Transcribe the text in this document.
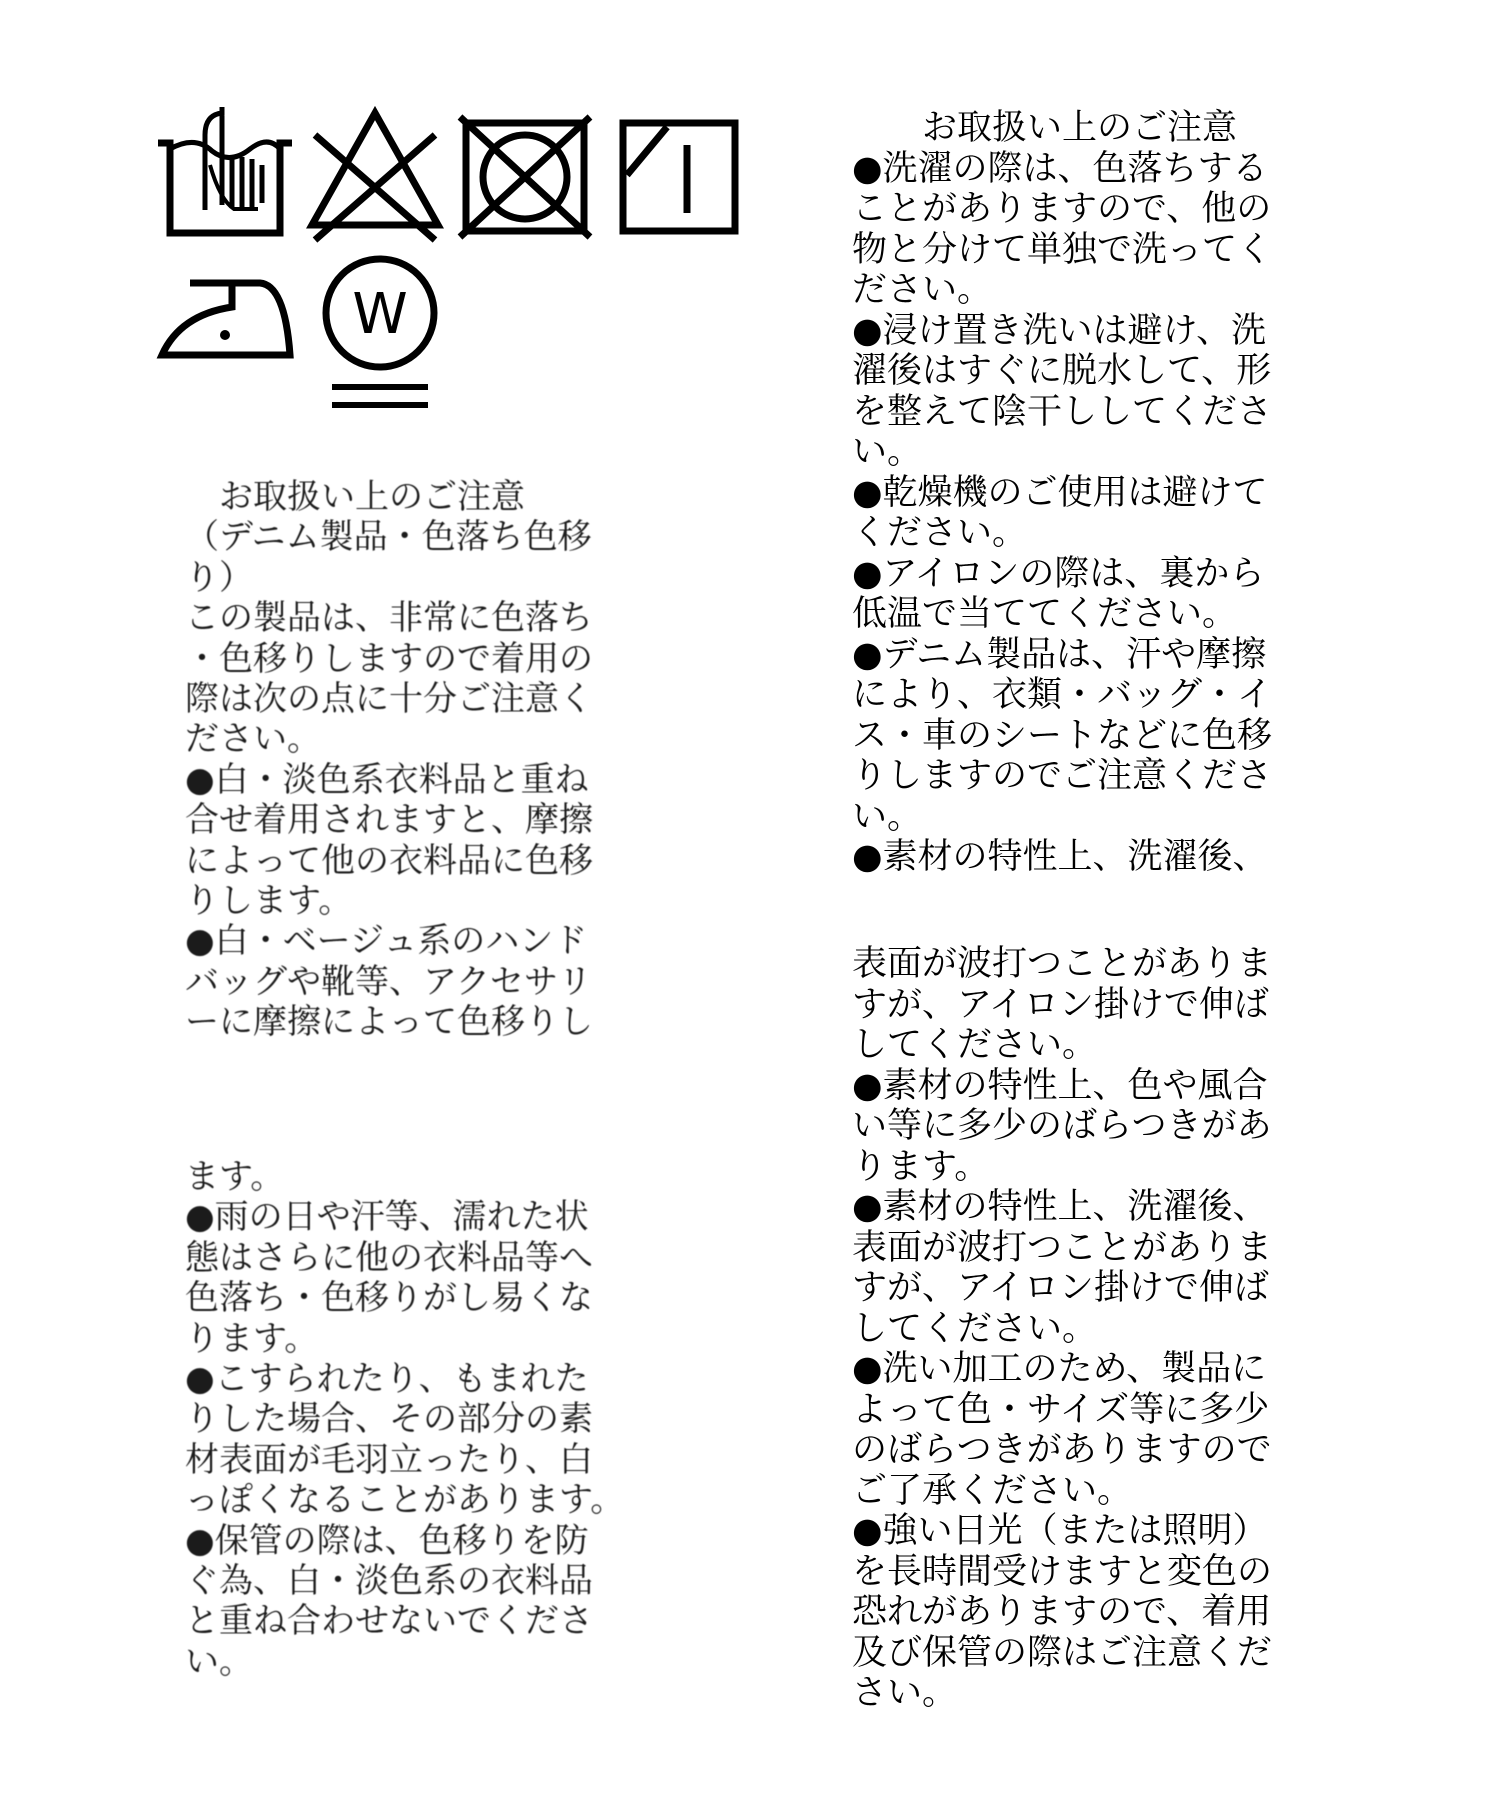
W
　お取扱い上のご注意
（デニム製品・色落ち色移
り）
この製品は、非常に色落ち
・色移りしますので着用の
際は次の点に十分ご注意く
ださい。
●白・淡色系衣料品と重ね
合せ着用されますと、摩擦
によって他の衣料品に色移
りします。
●白・ベージュ系のハンド
バッグや靴等、アクセサリ
ーに摩擦によって色移りし
ます。
●雨の日や汗等、濡れた状
態はさらに他の衣料品等へ
色落ち・色移りがし易くな
ります。
●こすられたり、もまれた
りした場合、その部分の素
材表面が毛羽立ったり、白
っぽくなることがあります。
●保管の際は、色移りを防
ぐ為、白・淡色系の衣料品
と重ね合わせないでくださ
い。
　　お取扱い上のご注意
●洗濯の際は、色落ちする
ことがありますので、他の
物と分けて単独で洗ってく
ださい。
●浸け置き洗いは避け、洗
濯後はすぐに脱水して、形
を整えて陰干ししてくださ
い。
●乾燥機のご使用は避けて
ください。
●アイロンの際は、裏から
低温で当ててください。
●デニム製品は、汗や摩擦
により、衣類・バッグ・イ
ス・車のシートなどに色移
りしますのでご注意くださ
い。
●素材の特性上、洗濯後、
表面が波打つことがありま
すが、アイロン掛けで伸ば
してください。
●素材の特性上、色や風合
い等に多少のばらつきがあ
ります。
●素材の特性上、洗濯後、
表面が波打つことがありま
すが、アイロン掛けで伸ば
してください。
●洗い加工のため、製品に
よって色・サイズ等に多少
のばらつきがありますので
ご了承ください。
●強い日光（または照明）
を長時間受けますと変色の
恐れがありますので、着用
及び保管の際はご注意くだ
さい。
